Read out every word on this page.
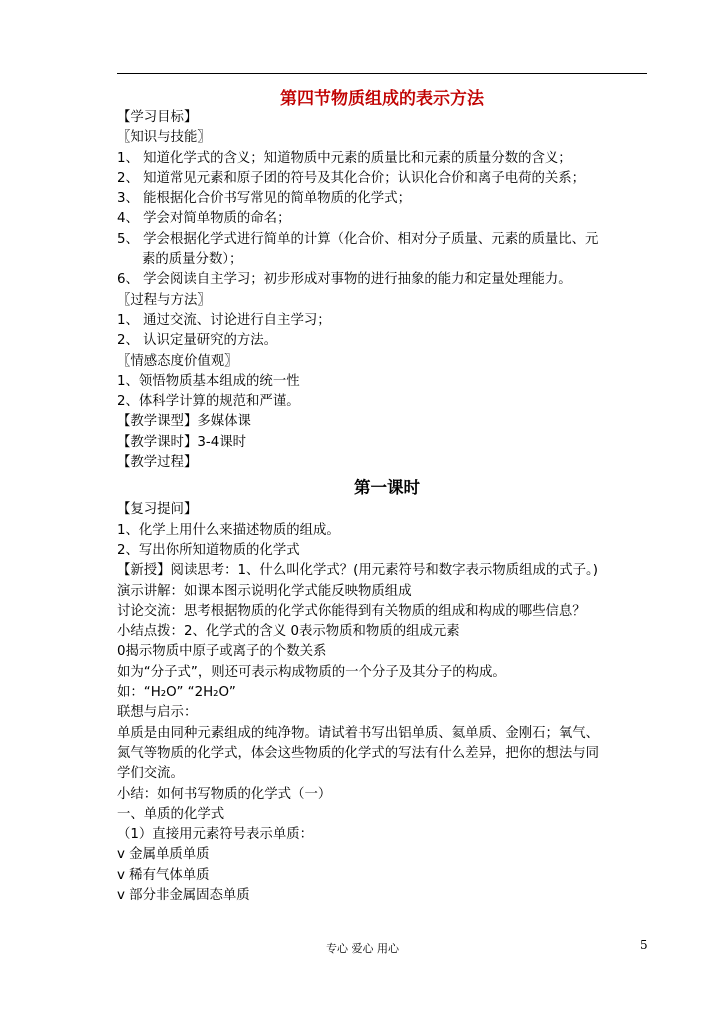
第四节物质组成的表示方法
【学习目标】
〖知识与技能〗
1、 知道化学式的含义；知道物质中元素的质量比和元素的质量分数的含义；
2、 知道常见元素和原子团的符号及其化合价；认识化合价和离子电荷的关系；
3、 能根据化合价书写常见的简单物质的化学式；
4、 学会对简单物质的命名；
5、 学会根据化学式进行简单的计算（化合价、相对分子质量、元素的质量比、元
素的质量分数）；
6、 学会阅读自主学习；初步形成对事物的进行抽象的能力和定量处理能力。
〖过程与方法〗
1、 通过交流、讨论进行自主学习；
2、 认识定量研究的方法。
〖情感态度价值观〗
1、领悟物质基本组成的统一性
2、体科学计算的规范和严谨。
【教学课型】多媒体课
【教学课时】3-4课时
【教学过程】
第一课时
【复习提问】
1、化学上用什么来描述物质的组成。
2、写出你所知道物质的化学式
【新授】阅读思考：1、什么叫化学式？(用元素符号和数字表示物质组成的式子。)
演示讲解：如课本图示说明化学式能反映物质组成
讨论交流：思考根据物质的化学式你能得到有关物质的组成和构成的哪些信息？
小结点拨：2、化学式的含义 0表示物质和物质的组成元素
0揭示物质中原子或离子的个数关系
如为“分子式”，则还可表示构成物质的一个分子及其分子的构成。
如：“H₂O” “2H₂O”
联想与启示：
单质是由同种元素组成的纯净物。请试着书写出铝单质、氦单质、金刚石；氧气、
氮气等物质的化学式，体会这些物质的化学式的写法有什么差异，把你的想法与同
学们交流。
小结：如何书写物质的化学式（一）
一、单质的化学式
（1）直接用元素符号表示单质：
v 金属单质单质
v 稀有气体单质
v 部分非金属固态单质
专心 爱心 用心	5
